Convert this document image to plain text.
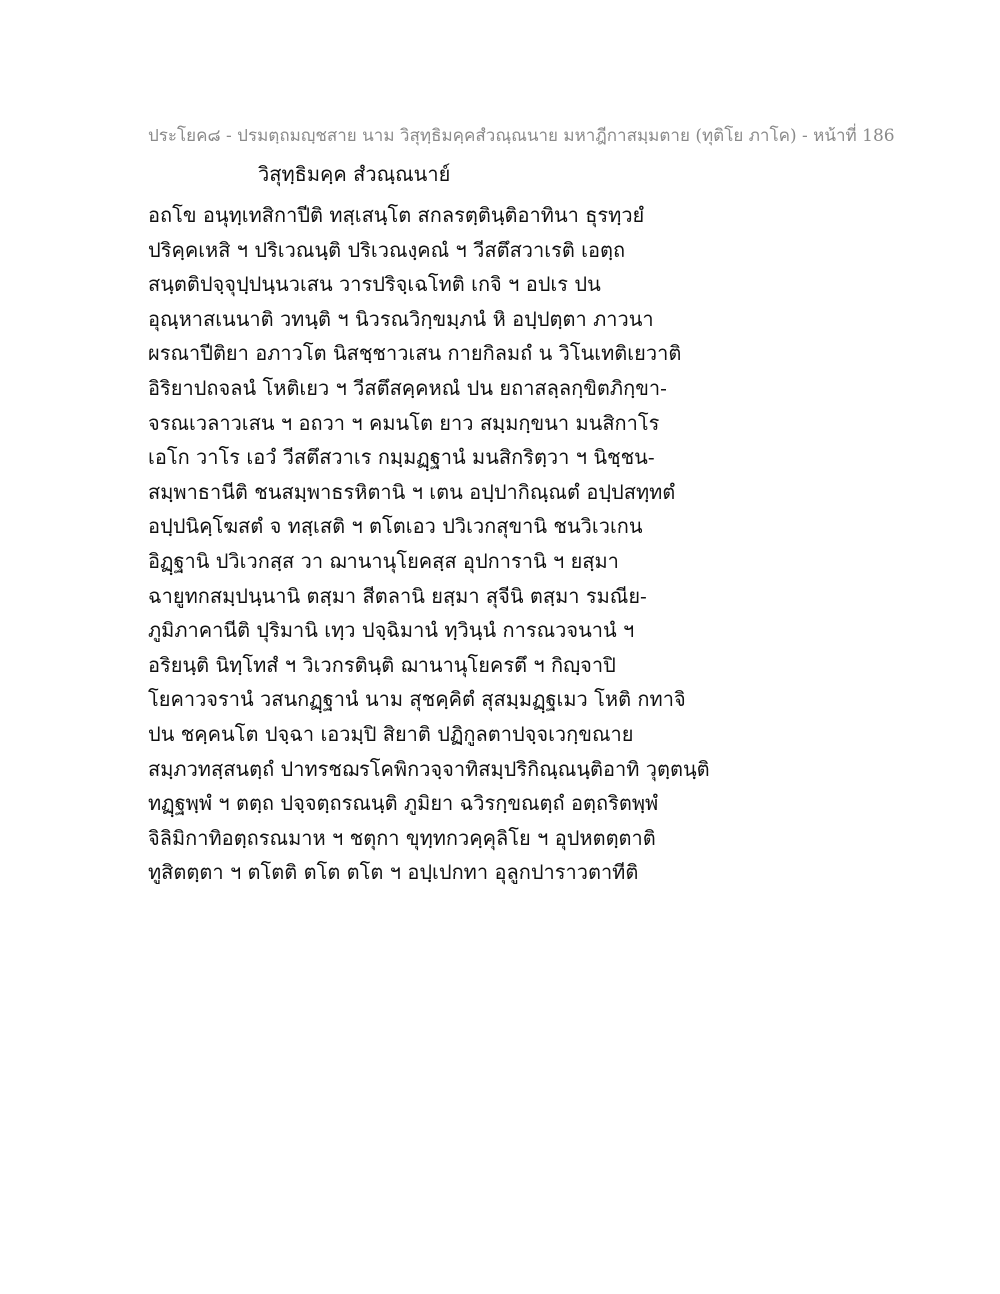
ประโยค๘ - ปรมตฺถมญฺชสาย นาม วิสุทฺธิมคฺคสํวณฺณนาย มหาฎีกาสมฺมตาย (ทุติโย ภาโค) - หน้าที่ 186
วิสุทฺธิมคฺค สํวณฺณนาย์
อถโข อนุทฺเทสิกาปีติ ทสฺเสนฺโต สกลรตฺตินฺติอาทินา ธุรทฺวยํ
ปริคฺคเหสิ ฯ ปริเวณนฺติ ปริเวณงฺคณํ ฯ วีสตึสวาเรติ เอตฺถ
สนฺตติปจฺจุปฺปนฺนวเสน วารปริจฺเฉโทติ เกจิ ฯ อปเร ปน
อุณฺหาสเนนาติ วทนฺติ ฯ นิวรณวิกฺขมฺภนํ หิ อปฺปตฺตา ภาวนา
ผรณาปีติยา อภาวโต นิสชฺชาวเสน กายกิลมถํ น วิโนเทติเยวาติ
อิริยาปถจลนํ โหติเยว ฯ วีสตึสคฺคหณํ ปน ยถาสลฺลกฺขิตภิกฺขา-
จรณเวลาวเสน ฯ อถวา ฯ คมนโต ยาว สมฺมกฺขนา มนสิกาโร
เอโก วาโร เอวํ วีสตึสวาเร กมฺมฏฺฐานํ มนสิกริตฺวา ฯ นิชฺชน-
สมฺพาธานีติ ชนสมฺพาธรหิตานิ ฯ เตน อปฺปากิณฺณตํ อปฺปสทฺทตํ
อปฺปนิคฺโฆสตํ จ ทสฺเสติ ฯ ตโตเอว ปวิเวกสุขานิ ชนวิเวเกน
อิฏฺฐานิ ปวิเวกสฺส วา ฌานานุโยคสฺส อุปการานิ ฯ ยสฺมา
ฉายูทกสมฺปนฺนานิ ตสฺมา สีตลานิ ยสฺมา สุจีนิ ตสฺมา รมณีย-
ภูมิภาคานีติ ปุริมานิ เทฺว ปจฺฉิมานํ ทฺวินฺนํ การณวจนานํ ฯ
อริยนฺติ นิทฺโทสํ ฯ วิเวกรตินฺติ ฌานานุโยครตึ ฯ กิญฺจาปิ
โยคาวจรานํ วสนกฏฺฐานํ นาม สุชคฺคิตํ สุสมฺมฏฺฐเมว โหติ กทาจิ
ปน ชคฺคนโต ปจฺฉา เอวมฺปิ สิยาติ ปฏิกูลตาปจฺจเวกฺขณาย
สมฺภวทสฺสนตฺถํ ปาทรชฌรโคพิกวจฺจาทิสมฺปริกิณฺณนฺติอาทิ วุตฺตนฺติ
ทฏฺฐพฺพํ ฯ ตตฺถ ปจฺจตฺถรณนฺติ ภูมิยา ฉวิรกฺขณตฺถํ อตฺถริตพฺพํ
จิลิมิกาทิอตฺถรณมาห ฯ ชตุกา ขุทฺทกวคฺคุลิโย ฯ อุปหตตฺตาติ
ทูสิตตฺตา ฯ ตโตติ ตโต ตโต ฯ อปฺเปกทา อุลูกปาราวตาทีติ
